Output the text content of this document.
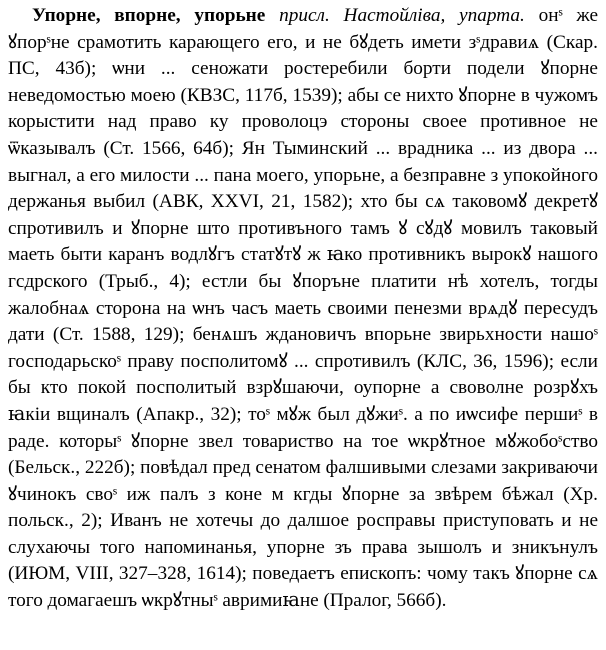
Упорне, впорне, упорьне присл. Настойліва, упарта. онˢ же ꙋпорˢне срамотить карающего его, и не бꙋдеть имети зˢдравиѧ (Скар. ПС, 43б); ѡни ... сеножати ростеребили борти подели ꙋпорне неведомостью моею (КВЗС, 117б, 1539); абы се нихто ꙋпорне в чужомъ корыстити над право ку проволоцэ стороны своее противное не ѿказывалъ (Ст. 1566, 64б); Ян Тыминский ... врадника ... из двора ... выгнал, а его милости ... пана моего, упорьне, а безправне з упокойного держанья выбил (АВК, XXVI, 21, 1582); хто бы сѧ таковомꙋ декретꙋ спротивилъ и ꙋпорне што противъного тамъ ꙋ сꙋдꙋ мовилъ таковый маеть быти каранъ водлꙋгъ статꙋтꙋ ж ꙗко противникъ вырокꙋ нашого гсдрского (Трыб., 4); естли бы ꙋпоръне платити нѣ хотелъ, тогды жалобнаѧ сторона на ѡнъ часъ маеть своими пенезми врѧдꙋ пересудъ дати (Ст. 1588, 129); бенѧшъ ждановичъ впорьне звирьхности нашоˢ господарьскоˢ праву посполитомꙋ ... спротивилъ (КЛС, 36, 1596); если бы кто покой посполитый взрꙋшаючи, оупорне а своволне розрꙋхъ ꙗкіи вщиналъ (Апакр., 32); тоˢ мꙋж был дꙋжиˢ. а по иѡсифе першиˢ в раде. которыˢ ꙋпорне звел товариство на тое ѡкрꙋтное мꙋжобоˢство (Бельск., 222б); повѣдал пред сенатом фалшивыми слезами закриваючи ꙋчинокъ своˢ иж палъ з коне м кгды ꙋпорне за звѣрем бѣжал (Хр. польск., 2); Иванъ не хотечы до далшое росправы приступовать и не слухаючы того напоминанья, упорне зъ права зышолъ и зникънулъ (ИЮМ, VIII, 327–328, 1614); поведаетъ епископъ: чому такъ ꙋпорне сѧ того домагаешъ ѡкрꙋтныˢ авримиꙗне (Пралог, 566б).
